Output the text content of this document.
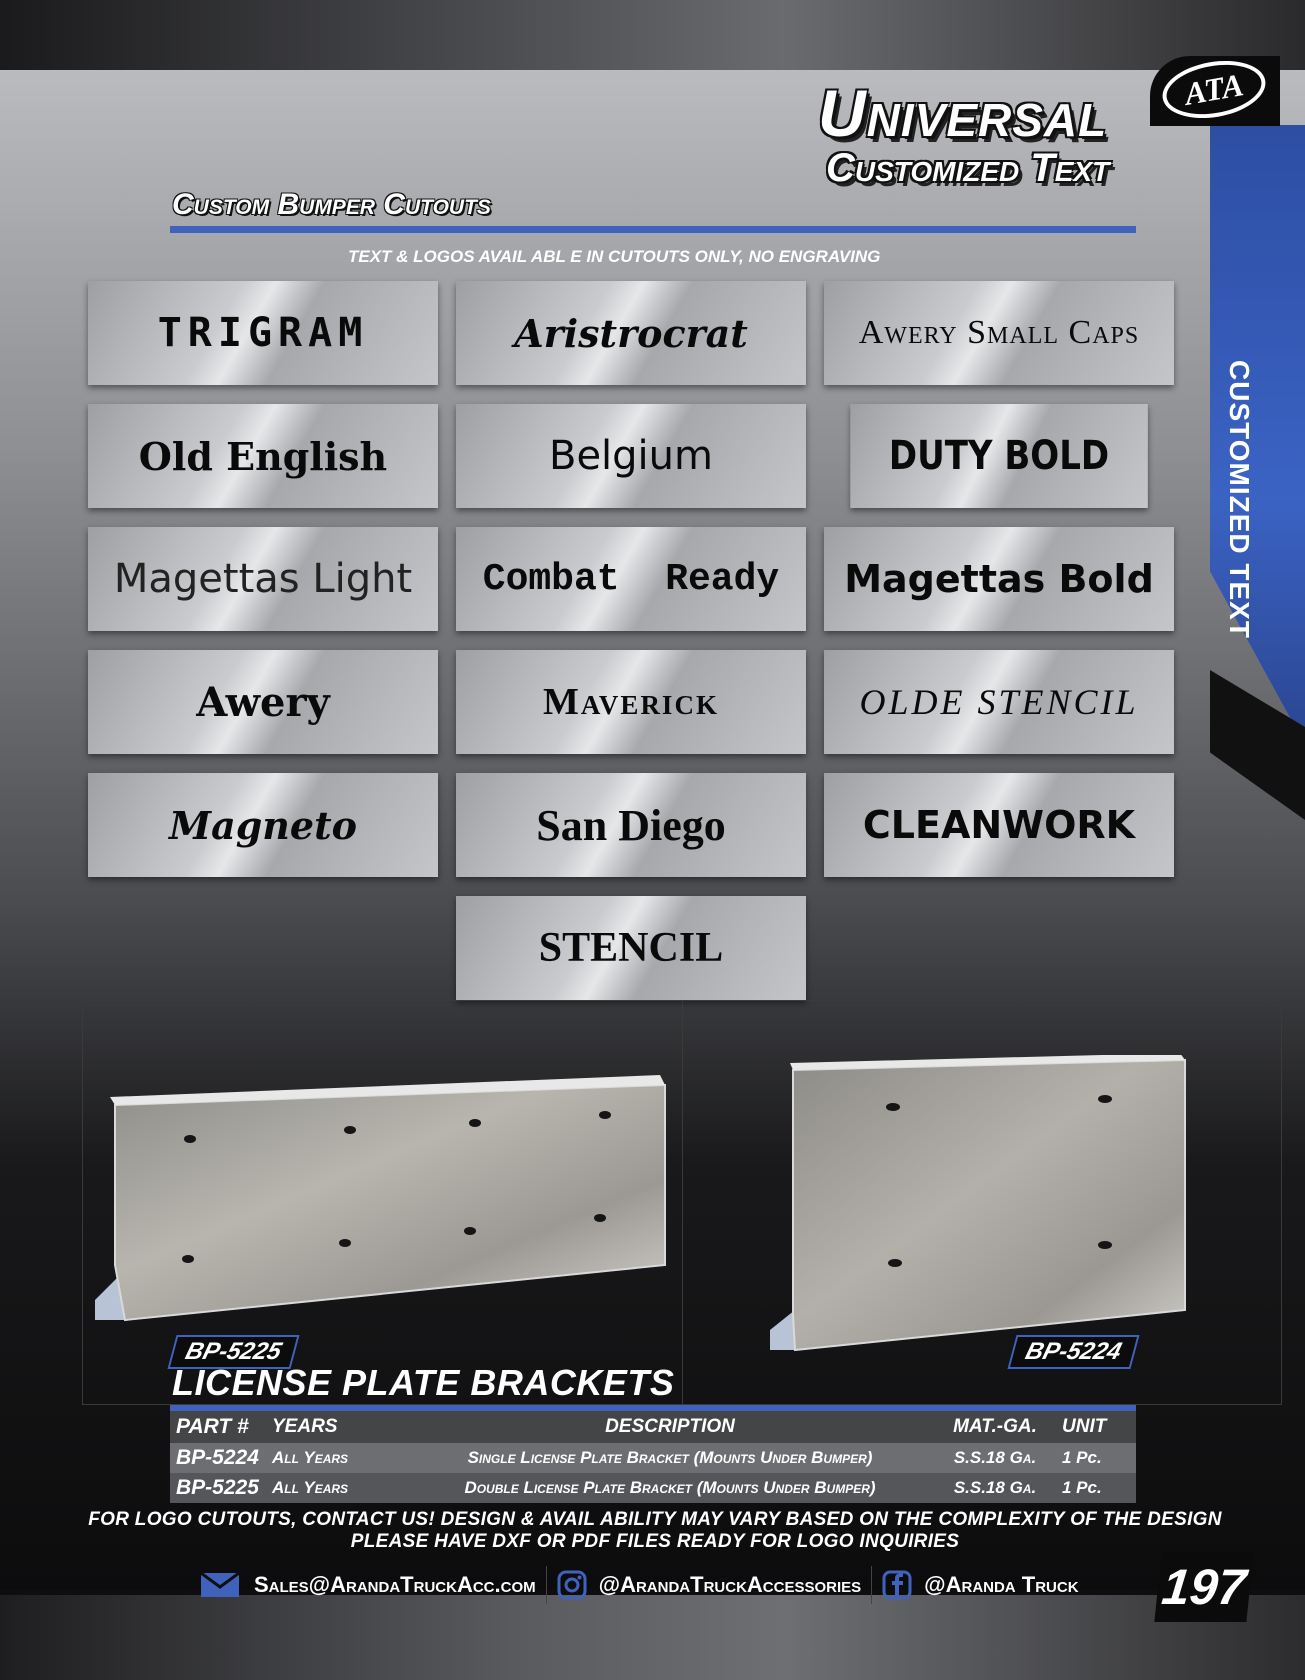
CUSTOMIZED TEXT
ATA
Universal
Customized Text
Custom Bumper Cutouts
TEXT & LOGOS AVAIL ABL E IN CUTOUTS ONLY, NO ENGRAVING
TRIGRAM	Aristrocrat	Awery Small Caps
Old English	Belgium	DUTY BOLD
Magettas Light	Combat  Ready	Magettas Bold
Awery	Maverick	OLDE STENCIL
Magneto	San Diego	CLEANWORK
STENCIL
BP-5225	BP-5224
LICENSE PLATE BRACKETS
PART #	YEARS	DESCRIPTION	MAT.-GA.	UNIT
BP-5224 All Years	Single License Plate Bracket (Mounts Under Bumper)	S.S.18 Ga.	1 Pc.
BP-5225 All Years	Double License Plate Bracket (Mounts Under Bumper)	S.S.18 Ga.	1 Pc.
FOR LOGO CUTOUTS, CONTACT US! DESIGN & AVAIL ABILITY MAY VARY BASED ON THE COMPLEXITY OF THE DESIGN
PLEASE HAVE DXF OR PDF FILES READY FOR LOGO INQUIRIES
Sales@ArandaTruckAcc.com	@ArandaTruckAccessories	@Aranda Truck 197
